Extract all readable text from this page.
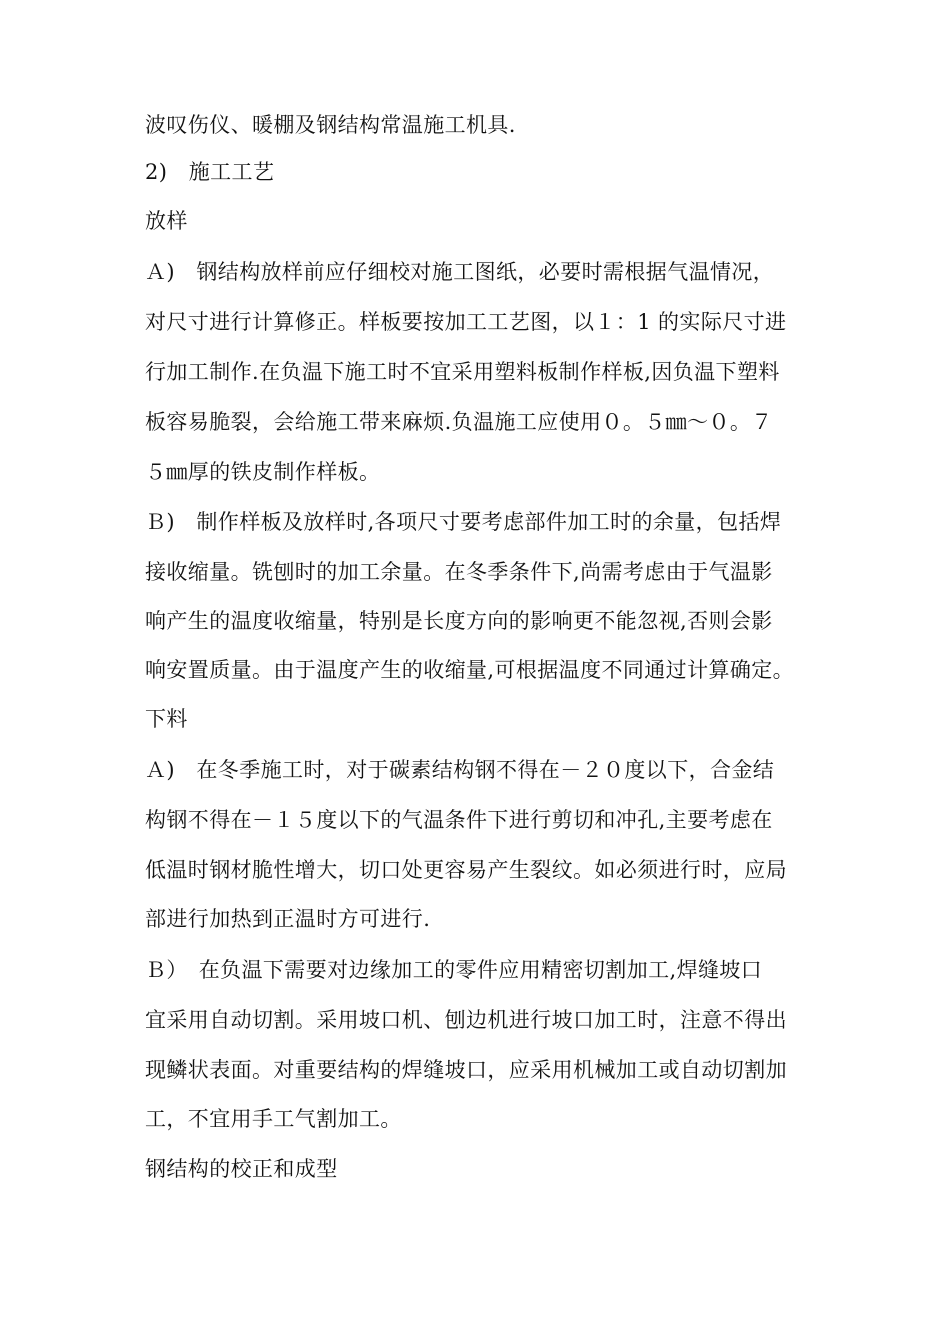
波叹伤仪、暖棚及钢结构常温施工机具.
2)　施工工艺
放样
Ａ)　钢结构放样前应仔细校对施工图纸，必要时需根据气温情况，
对尺寸进行计算修正。样板要按加工工艺图，以１：1 的实际尺寸进
行加工制作.在负温下施工时不宜采用塑料板制作样板,因负温下塑料
板容易脆裂，会给施工带来麻烦.负温施工应使用０。５㎜～０。７
５㎜厚的铁皮制作样板。
Ｂ)　制作样板及放样时,各项尺寸要考虑部件加工时的余量，包括焊
接收缩量。铣刨时的加工余量。在冬季条件下,尚需考虑由于气温影
响产生的温度收缩量，特别是长度方向的影响更不能忽视,否则会影
响安置质量。由于温度产生的收缩量,可根据温度不同通过计算确定。
下料
Ａ)　在冬季施工时，对于碳素结构钢不得在－２０度以下，合金结
构钢不得在－１５度以下的气温条件下进行剪切和冲孔,主要考虑在
低温时钢材脆性增大，切口处更容易产生裂纹。如必须进行时，应局
部进行加热到正温时方可进行.
Ｂ）　在负温下需要对边缘加工的零件应用精密切割加工,焊缝坡口
宜采用自动切割。采用坡口机、刨边机进行坡口加工时，注意不得出
现鳞状表面。对重要结构的焊缝坡口，应采用机械加工或自动切割加
工，不宜用手工气割加工。
钢结构的校正和成型
